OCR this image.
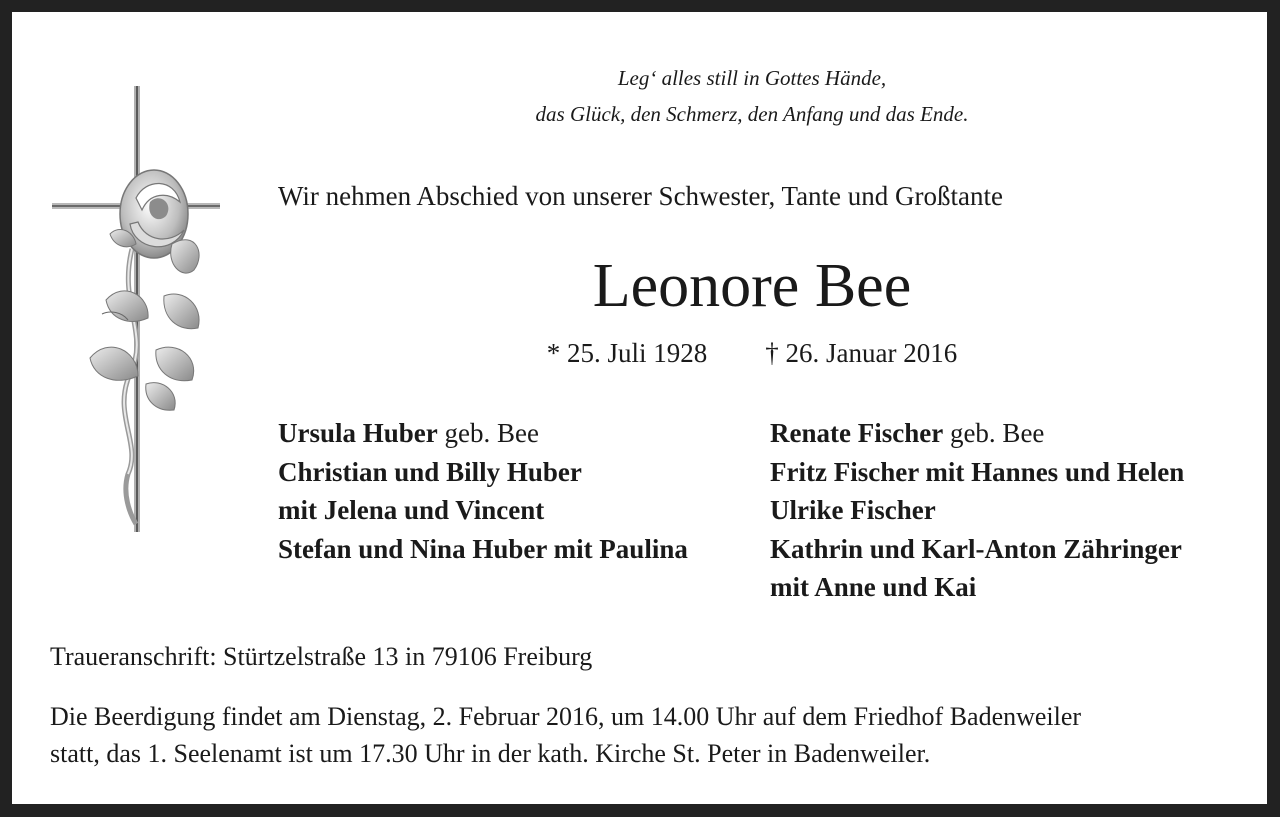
Leg‘ alles still in Gottes Hände,
das Glück, den Schmerz, den Anfang und das Ende.
Wir nehmen Abschied von unserer Schwester, Tante und Großtante
Leonore Bee
* 25. Juli 1928 † 26. Januar 2016
Ursula Huber geb. Bee
Christian und Billy Huber
mit Jelena und Vincent
Stefan und Nina Huber mit Paulina
Renate Fischer geb. Bee
Fritz Fischer mit Hannes und Helen
Ulrike Fischer
Kathrin und Karl-Anton Zähringer
mit Anne und Kai
Traueranschrift: Stürtzelstraße 13 in 79106 Freiburg
Die Beerdigung findet am Dienstag, 2. Februar 2016, um 14.00 Uhr auf dem Friedhof Badenweiler
statt, das 1. Seelenamt ist um 17.30 Uhr in der kath. Kirche St. Peter in Badenweiler.
